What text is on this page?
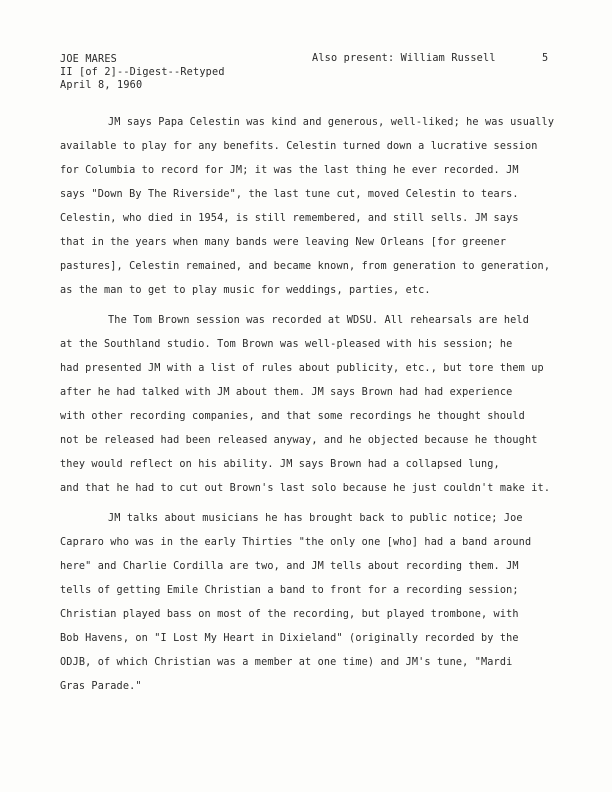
JOE MARES
II [of 2]--Digest--Retyped
April 8, 1960
Also present: William Russell	5
JM says Papa Celestin was kind and generous, well-liked; he was usually
available to play for any benefits. Celestin turned down a lucrative session
for Columbia to record for JM; it was the last thing he ever recorded. JM
says "Down By The Riverside", the last tune cut, moved Celestin to tears.
Celestin, who died in 1954, is still remembered, and still sells. JM says
that in the years when many bands were leaving New Orleans [for greener
pastures], Celestin remained, and became known, from generation to generation,
as the man to get to play music for weddings, parties, etc.
The Tom Brown session was recorded at WDSU. All rehearsals are held
at the Southland studio. Tom Brown was well-pleased with his session; he
had presented JM with a list of rules about publicity, etc., but tore them up
after he had talked with JM about them. JM says Brown had had experience
with other recording companies, and that some recordings he thought should
not be released had been released anyway, and he objected because he thought
they would reflect on his ability. JM says Brown had a collapsed lung,
and that he had to cut out Brown's last solo because he just couldn't make it.
JM talks about musicians he has brought back to public notice; Joe
Capraro who was in the early Thirties "the only one [who] had a band around
here" and Charlie Cordilla are two, and JM tells about recording them. JM
tells of getting Emile Christian a band to front for a recording session;
Christian played bass on most of the recording, but played trombone, with
Bob Havens, on "I Lost My Heart in Dixieland" (originally recorded by the
ODJB, of which Christian was a member at one time) and JM's tune, "Mardi
Gras Parade."
